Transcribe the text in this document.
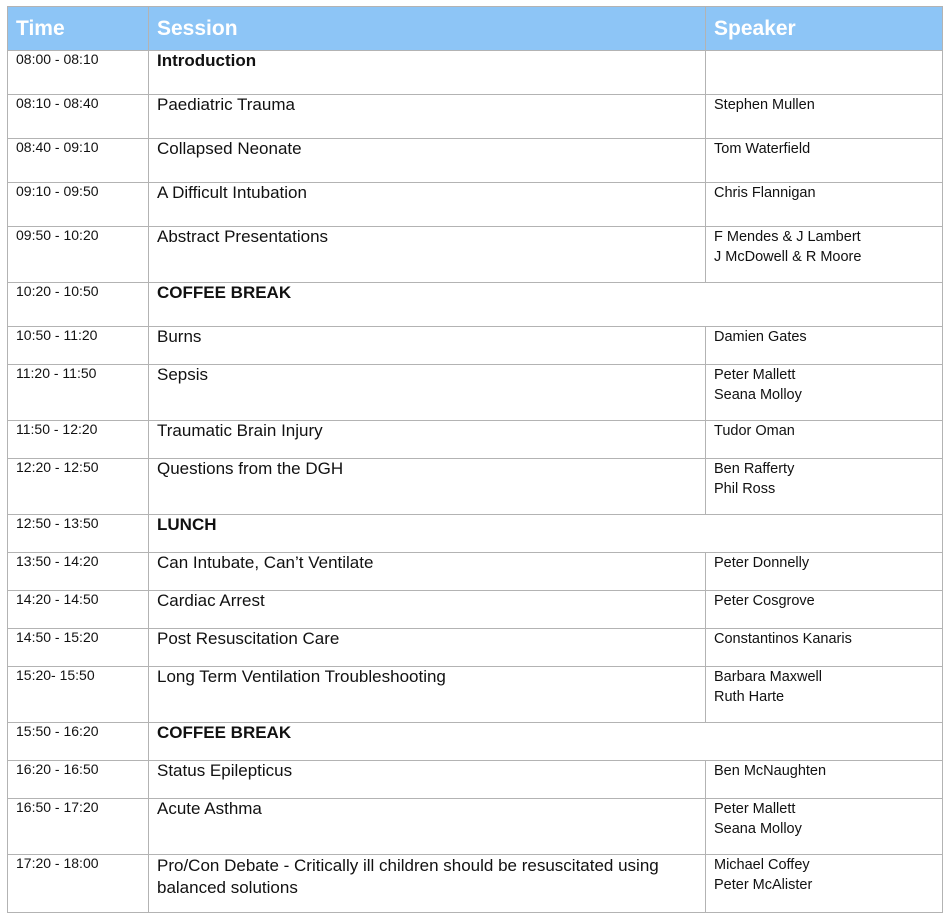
Time	Session	Speaker
08:00 - 08:10	Introduction	

08:10 - 08:40	Paediatric Trauma	Stephen Mullen

08:40 - 09:10	Collapsed Neonate	Tom Waterfield

09:10 - 09:50	A Difficult Intubation	Chris Flannigan

09:50 - 10:20	Abstract Presentations	F Mendes & J Lambert
J McDowell & R Moore

10:20 - 10:50	COFFEE BREAK	
10:50 - 11:20	Burns	Damien Gates

11:20 - 11:50	Sepsis	Peter Mallett
Seana Molloy

11:50 - 12:20	Traumatic Brain Injury	Tudor Oman

12:20 - 12:50	Questions from the DGH	Ben Rafferty
Phil Ross

12:50 - 13:50	LUNCH	
13:50 - 14:20	Can Intubate, Can’t Ventilate	Peter Donnelly

14:20 - 14:50	Cardiac Arrest	Peter Cosgrove

14:50 - 15:20	Post Resuscitation Care	Constantinos Kanaris

15:20- 15:50	Long Term Ventilation Troubleshooting	Barbara Maxwell
Ruth Harte

15:50 - 16:20	COFFEE BREAK	
16:20 - 16:50	Status Epilepticus	Ben McNaughten

16:50 - 17:20	Acute Asthma	Peter Mallett
Seana Molloy

17:20 - 18:00	Pro/Con Debate - Critically ill children should be resuscitated using
balanced solutions	Michael Coffey
Peter McAlister
